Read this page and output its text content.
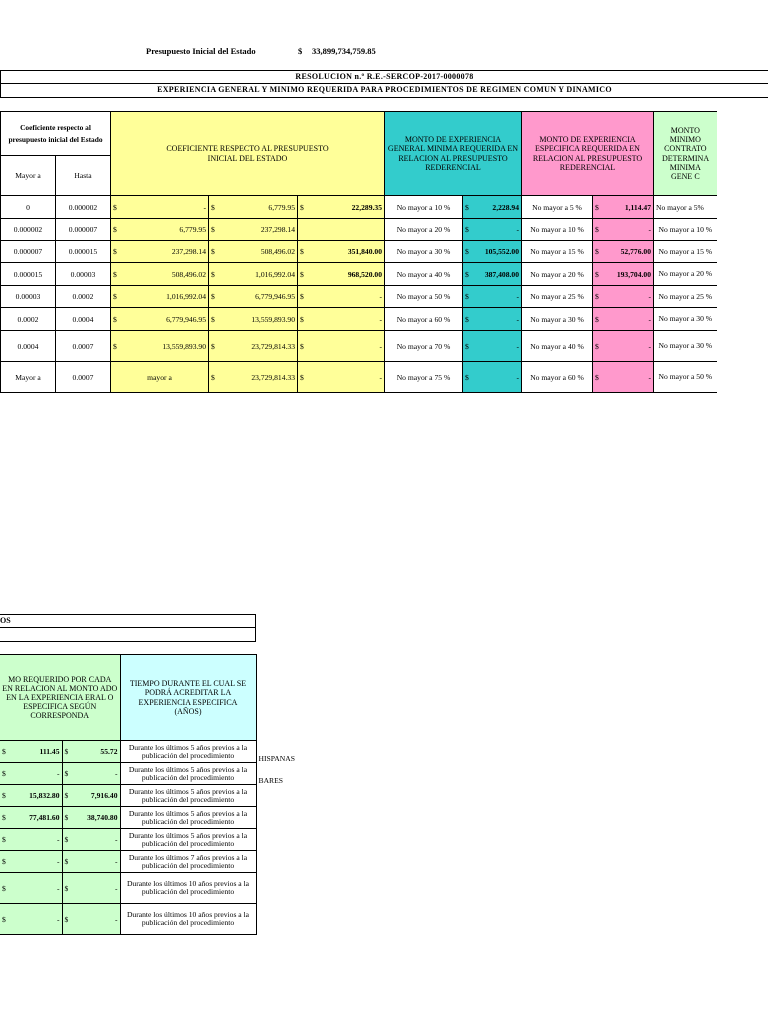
Presupuesto Inicial del Estado	$ 33,899,734,759.85
RESOLUCION n.º R.E.-SERCOP-2017-0000078
EXPERIENCIA GENERAL Y MINIMO REQUERIDA PARA PROCEDIMIENTOS DE REGIMEN COMUN Y DINAMICO
Coeficiente respecto al presupuesto inicial del Estado		COEFICIENTE RESPECTO AL PRESUPUESTO INICIAL DEL ESTADO			MONTO DE EXPERIENCIA GENERAL MINIMA REQUERIDA EN RELACION AL PRESUPUESTO REDERENCIAL		MONTO DE EXPERIENCIA ESPECIFICA REQUERIDA EN RELACION AL PRESUPUESTO REDERENCIAL		MONTO MINIMO CONTRATO DETERMINA MINIMA GENE C
Mayor a	Hasta								
0	0.000002	$ -	$ 6,779.95	$ 22,289.35	No mayor a 10 %	$ 2,228.94	No mayor a 5 %	$ 1,114.47	No mayor a 5%
0.000002	0.000007	$ 6,779.95	$ 237,298.14		No mayor a 20 %	$ -	No mayor a 10 %	$ -	No mayor a 10 %
0.000007	0.000015	$ 237,298.14	$ 508,496.02	$ 351,840.00	No mayor a 30 %	$ 105,552.00	No mayor a 15 %	$ 52,776.00	No mayor a 15 %
0.000015	0.00003	$ 508,496.02	$ 1,016,992.04	$ 968,520.00	No mayor a 40 %	$ 387,408.00	No mayor a 20 %	$ 193,704.00	No mayor a 20 %
0.00003	0.0002	$ 1,016,992.04	$ 6,779,946.95	$ -	No mayor a 50 %	$ -	No mayor a 25 %	$ -	No mayor a 25 %
0.0002	0.0004	$ 6,779,946.95	$ 13,559,893.90	$ -	No mayor a 60 %	$ -	No mayor a 30 %	$ -	No mayor a 30 %
0.0004	0.0007	$ 13,559,893.90	$ 23,729,814.33	$ -	No mayor a 70 %	$ -	No mayor a 40 %	$ -	No mayor a 30 %
Mayor a	0.0007	mayor a	$ 23,729,814.33	$ -	No mayor a 75 %	$ -	No mayor a 60 %	$ -	No mayor a 50 %
OS
MO REQUERIDO POR CADA EN RELACION AL MONTO ADO EN LA EXPERIENCIA ERAL O ESPECIFICA SEGÚN CORRESPONDA		TIEMPO DURANTE EL CUAL SE PODRÁ ACREDITAR LA EXPERIENCIA ESPECIFICA (AÑOS)	

$ 111.45	$ 55.72	Durante los últimos 5 años previos a la publicación del procedimiento	HISPANAS

$ -	$ -	Durante los últimos 5 años previos a la publicación del procedimiento	BARES

$ 15,832.80	$ 7,916.40	Durante los últimos 5 años previos a la publicación del procedimiento	

$ 77,481.60	$ 38,740.80	Durante los últimos 5 años previos a la publicación del procedimiento	

$ -	$ -	Durante los últimos 5 años previos a la publicación del procedimiento	

$ -	$ -	Durante los últimos 7 años previos a la publicación del procedimiento	

$ -	$ -	Durante los últimos 10 años previos a la publicación del procedimiento	

$ -	$ -	Durante los últimos 10 años previos a la publicación del procedimiento	
